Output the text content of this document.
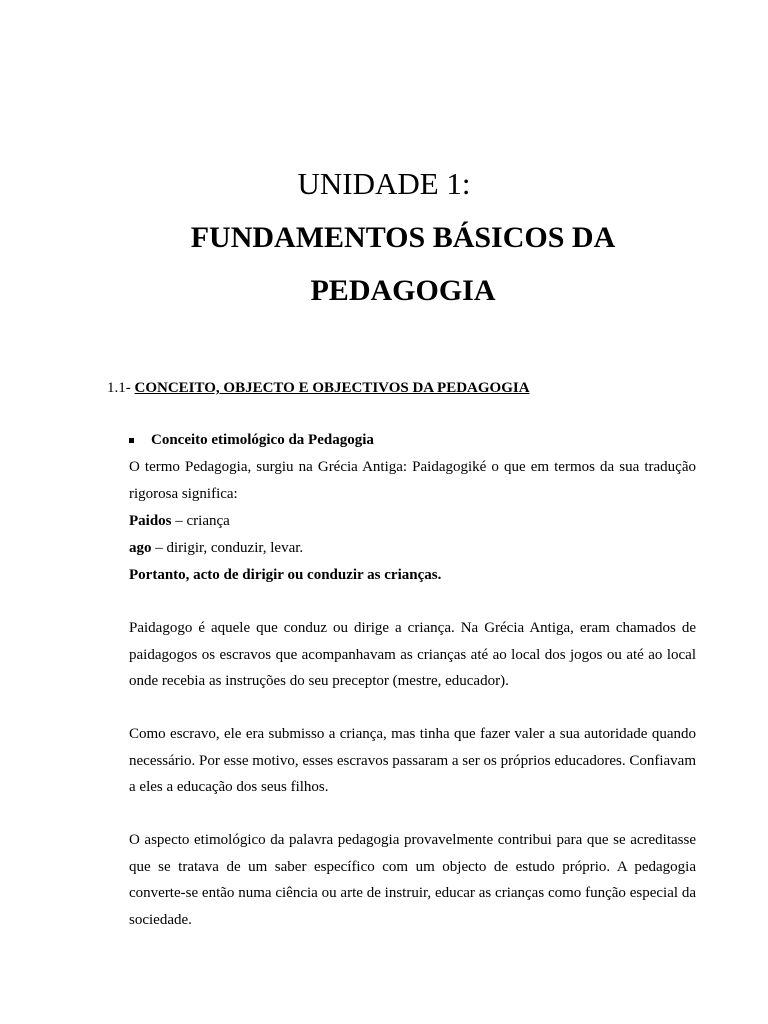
UNIDADE 1:
FUNDAMENTOS BÁSICOS DA
PEDAGOGIA

1.1- CONCEITO, OBJECTO E OBJECTIVOS DA PEDAGOGIA

Conceito etimológico da Pedagogia

O termo Pedagogia, surgiu na Grécia Antiga: Paidagogiké o que em termos da sua tradução rigorosa significa:

Paidos – criança

ago – dirigir, conduzir, levar.

Portanto, acto de dirigir ou conduzir as crianças.

Paidagogo é aquele que conduz ou dirige a criança. Na Grécia Antiga, eram chamados de paidagogos os escravos que acompanhavam as crianças até ao local dos jogos ou até ao local onde recebia as instruções do seu preceptor (mestre, educador).

Como escravo, ele era submisso a criança, mas tinha que fazer valer a sua autoridade quando necessário. Por esse motivo, esses escravos passaram a ser os próprios educadores. Confiavam a eles a educação dos seus filhos.

O aspecto etimológico da palavra pedagogia provavelmente contribui para que se acreditasse que se tratava de um saber específico com um objecto de estudo próprio. A pedagogia converte-se então numa ciência ou arte de instruir, educar as crianças como função especial da sociedade.
